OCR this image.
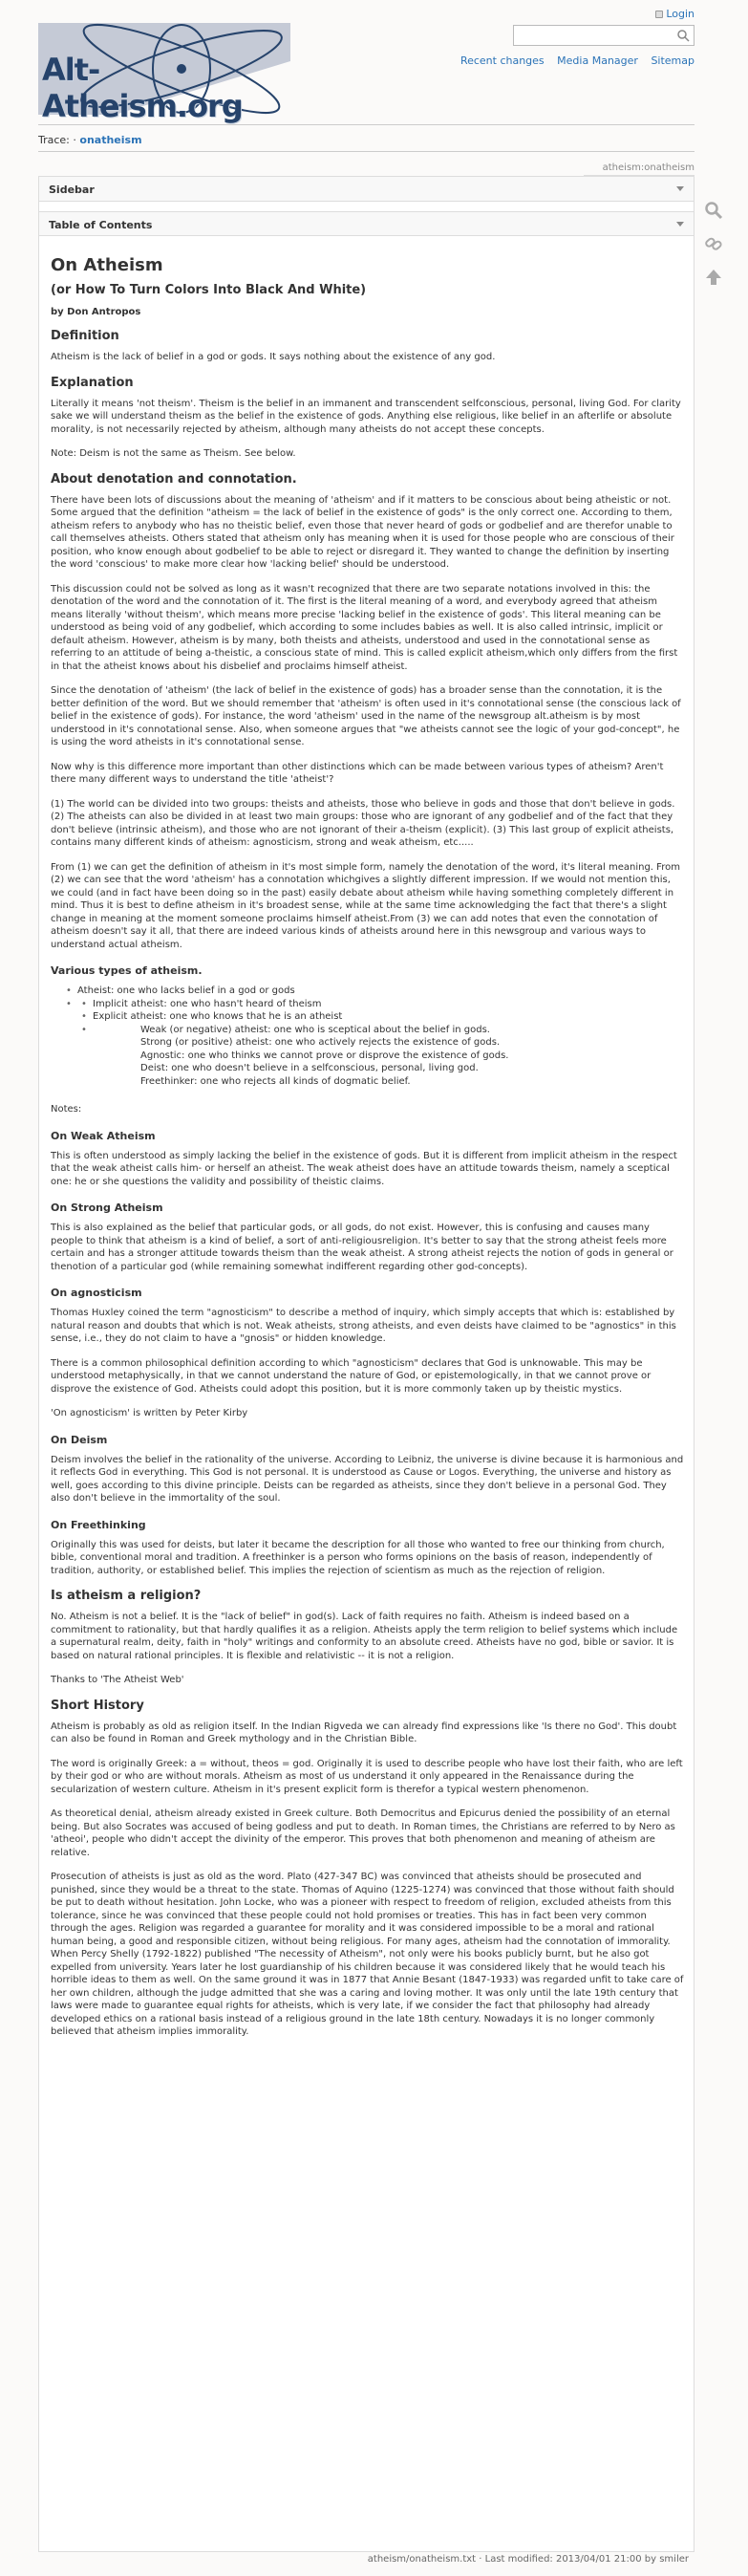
Alt-Atheism.org
Login
Recent changes Media Manager Sitemap
Trace: · onatheism
atheism:onatheism
Sidebar
Table of Contents
On Atheism
(or How To Turn Colors Into Black And White)
by Don Antropos
Definition

Atheism is the lack of belief in a god or gods. It says nothing about the existence of any god.

Explanation

Literally it means 'not theism'. Theism is the belief in an immanent and transcendent selfconscious, personal, living God. For clarity sake we will understand theism as the belief in the existence of gods. Anything else religious, like belief in an afterlife or absolute morality, is not necessarily rejected by atheism, although many atheists do not accept these concepts.

Note: Deism is not the same as Theism. See below.

About denotation and connotation.

There have been lots of discussions about the meaning of 'atheism' and if it matters to be conscious about being atheistic or not. Some argued that the definition "atheism = the lack of belief in the existence of gods" is the only correct one. According to them, atheism refers to anybody who has no theistic belief, even those that never heard of gods or godbelief and are therefor unable to call themselves atheists. Others stated that atheism only has meaning when it is used for those people who are conscious of their position, who know enough about godbelief to be able to reject or disregard it. They wanted to change the definition by inserting the word 'conscious' to make more clear how 'lacking belief' should be understood.

This discussion could not be solved as long as it wasn't recognized that there are two separate notations involved in this: the denotation of the word and the connotation of it. The first is the literal meaning of a word, and everybody agreed that atheism means literally 'without theism', which means more precise 'lacking belief in the existence of gods'. This literal meaning can be understood as being void of any godbelief, which according to some includes babies as well. It is also called intrinsic, implicit or default atheism. However, atheism is by many, both theists and atheists, understood and used in the connotational sense as referring to an attitude of being a-theistic, a conscious state of mind. This is called explicit atheism,which only differs from the first in that the atheist knows about his disbelief and proclaims himself atheist.

Since the denotation of 'atheism' (the lack of belief in the existence of gods) has a broader sense than the connotation, it is the better definition of the word. But we should remember that 'atheism' is often used in it's connotational sense (the conscious lack of belief in the existence of gods). For instance, the word 'atheism' used in the name of the newsgroup alt.atheism is by most understood in it's connotational sense. Also, when someone argues that "we atheists cannot see the logic of your god-concept", he is using the word atheists in it's connotational sense.

Now why is this difference more important than other distinctions which can be made between various types of atheism? Aren't there many different ways to understand the title 'atheist'?

(1) The world can be divided into two groups: theists and atheists, those who believe in gods and those that don't believe in gods. (2) The atheists can also be divided in at least two main groups: those who are ignorant of any godbelief and of the fact that they don't believe (intrinsic atheism), and those who are not ignorant of their a-theism (explicit). (3) This last group of explicit atheists, contains many different kinds of atheism: agnosticism, strong and weak atheism, etc.....

From (1) we can get the definition of atheism in it's most simple form, namely the denotation of the word, it's literal meaning. From (2) we can see that the word 'atheism' has a connotation whichgives a slightly different impression. If we would not mention this, we could (and in fact have been doing so in the past) easily debate about atheism while having something completely different in mind. Thus it is best to define atheism in it's broadest sense, while at the same time acknowledging the fact that there's a slight change in meaning at the moment someone proclaims himself atheist.From (3) we can add notes that even the connotation of atheism doesn't say it all, that there are indeed various kinds of atheists around here in this newsgroup and various ways to understand actual atheism.

Various types of atheism.
• Atheist: one who lacks belief in a god or gods
• • Implicit atheist: one who hasn't heard of theism
• Explicit atheist: one who knows that he is an atheist
• Weak (or negative) atheist: one who is sceptical about the belief in gods.
Strong (or positive) atheist: one who actively rejects the existence of gods.
Agnostic: one who thinks we cannot prove or disprove the existence of gods.
Deist: one who doesn't believe in a selfconscious, personal, living god.
Freethinker: one who rejects all kinds of dogmatic belief.

Notes:

On Weak Atheism

This is often understood as simply lacking the belief in the existence of gods. But it is different from implicit atheism in the respect that the weak atheist calls him- or herself an atheist. The weak atheist does have an attitude towards theism, namely a sceptical one: he or she questions the validity and possibility of theistic claims.

On Strong Atheism

This is also explained as the belief that particular gods, or all gods, do not exist. However, this is confusing and causes many people to think that atheism is a kind of belief, a sort of anti-religiousreligion. It's better to say that the strong atheist feels more certain and has a stronger attitude towards theism than the weak atheist. A strong atheist rejects the notion of gods in general or thenotion of a particular god (while remaining somewhat indifferent regarding other god-concepts).

On agnosticism

Thomas Huxley coined the term "agnosticism" to describe a method of inquiry, which simply accepts that which is: established by natural reason and doubts that which is not. Weak atheists, strong atheists, and even deists have claimed to be "agnostics" in this sense, i.e., they do not claim to have a "gnosis" or hidden knowledge.

There is a common philosophical definition according to which "agnosticism" declares that God is unknowable. This may be understood metaphysically, in that we cannot understand the nature of God, or epistemologically, in that we cannot prove or disprove the existence of God. Atheists could adopt this position, but it is more commonly taken up by theistic mystics.

'On agnosticism' is written by Peter Kirby

On Deism

Deism involves the belief in the rationality of the universe. According to Leibniz, the universe is divine because it is harmonious and it reflects God in everything. This God is not personal. It is understood as Cause or Logos. Everything, the universe and history as well, goes according to this divine principle. Deists can be regarded as atheists, since they don't believe in a personal God. They also don't believe in the immortality of the soul.

On Freethinking

Originally this was used for deists, but later it became the description for all those who wanted to free our thinking from church, bible, conventional moral and tradition. A freethinker is a person who forms opinions on the basis of reason, independently of tradition, authority, or established belief. This implies the rejection of scientism as much as the rejection of religion.

Is atheism a religion?

No. Atheism is not a belief. It is the "lack of belief" in god(s). Lack of faith requires no faith. Atheism is indeed based on a commitment to rationality, but that hardly qualifies it as a religion. Atheists apply the term religion to belief systems which include a supernatural realm, deity, faith in "holy" writings and conformity to an absolute creed. Atheists have no god, bible or savior. It is based on natural rational principles. It is flexible and relativistic -- it is not a religion.

Thanks to 'The Atheist Web'

Short History

Atheism is probably as old as religion itself. In the Indian Rigveda we can already find expressions like 'Is there no God'. This doubt can also be found in Roman and Greek mythology and in the Christian Bible.

The word is originally Greek: a = without, theos = god. Originally it is used to describe people who have lost their faith, who are left by their god or who are without morals. Atheism as most of us understand it only appeared in the Renaissance during the secularization of western culture. Atheism in it's present explicit form is therefor a typical western phenomenon.

As theoretical denial, atheism already existed in Greek culture. Both Democritus and Epicurus denied the possibility of an eternal being. But also Socrates was accused of being godless and put to death. In Roman times, the Christians are referred to by Nero as 'atheoi', people who didn't accept the divinity of the emperor. This proves that both phenomenon and meaning of atheism are relative.

Prosecution of atheists is just as old as the word. Plato (427-347 BC) was convinced that atheists should be prosecuted and punished, since they would be a threat to the state. Thomas of Aquino (1225-1274) was convinced that those without faith should be put to death without hesitation. John Locke, who was a pioneer with respect to freedom of religion, excluded atheists from this tolerance, since he was convinced that these people could not hold promises or treaties. This has in fact been very common through the ages. Religion was regarded a guarantee for morality and it was considered impossible to be a moral and rational human being, a good and responsible citizen, without being religious. For many ages, atheism had the connotation of immorality. When Percy Shelly (1792-1822) published "The necessity of Atheism", not only were his books publicly burnt, but he also got expelled from university. Years later he lost guardianship of his children because it was considered likely that he would teach his horrible ideas to them as well. On the same ground it was in 1877 that Annie Besant (1847-1933) was regarded unfit to take care of her own children, although the judge admitted that she was a caring and loving mother. It was only until the late 19th century that laws were made to guarantee equal rights for atheists, which is very late, if we consider the fact that philosophy had already developed ethics on a rational basis instead of a religious ground in the late 18th century. Nowadays it is no longer commonly believed that atheism implies immorality.

atheism/onatheism.txt · Last modified: 2013/04/01 21:00 by smiler
